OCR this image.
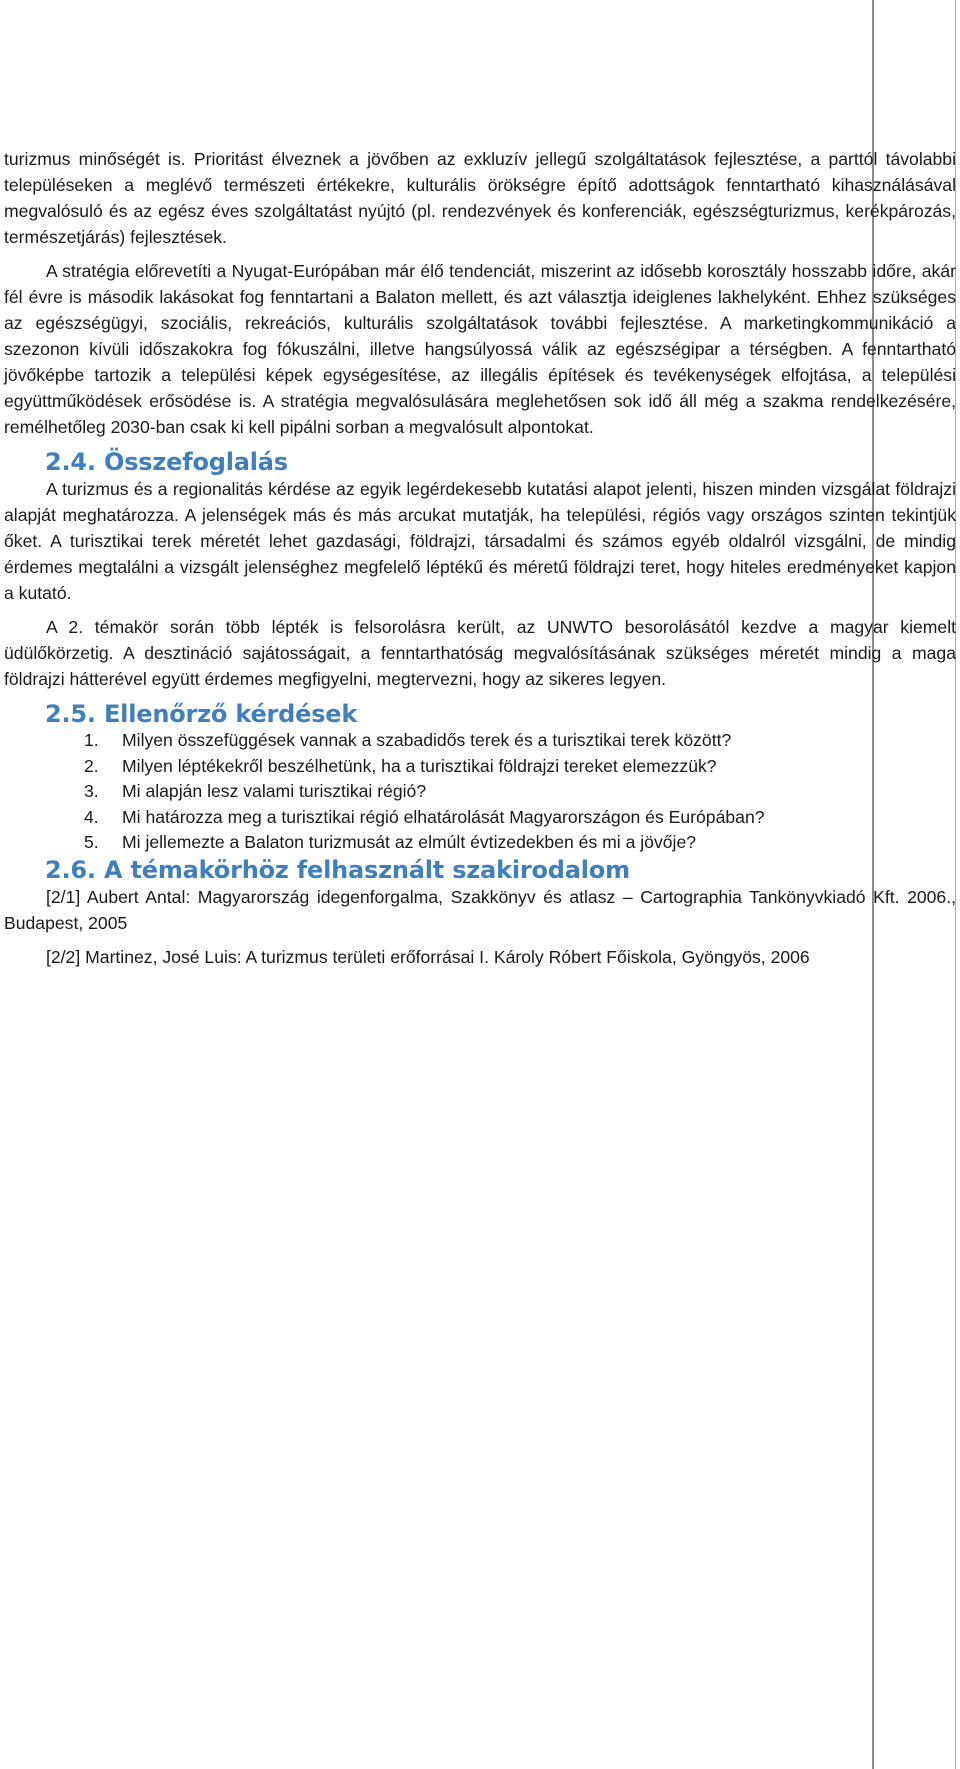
turizmus minőségét is. Prioritást élveznek a jövőben az exkluzív jellegű szolgáltatások fejlesztése, a parttól távolabbi településeken a meglévő természeti értékekre, kulturális örökségre építő adottságok fenntartható kihasználásával megvalósuló és az egész éves szolgáltatást nyújtó (pl. rendezvények és konferenciák, egészségturizmus, kerékpározás, természetjárás) fejlesztések.

A stratégia előrevetíti a Nyugat-Európában már élő tendenciát, miszerint az idősebb korosztály hosszabb időre, akár fél évre is második lakásokat fog fenntartani a Balaton mellett, és azt választja ideiglenes lakhelyként. Ehhez szükséges az egészségügyi, szociális, rekreációs, kulturális szolgáltatások további fejlesztése. A marketingkommunikáció a szezonon kívüli időszakokra fog fókuszálni, illetve hangsúlyossá válik az egészségipar a térségben. A fenntartható jövőképbe tartozik a települési képek egységesítése, az illegális építések és tevékenységek elfojtása, a települési együttműködések erősödése is. A stratégia megvalósulására meglehetősen sok idő áll még a szakma rendelkezésére, remélhetőleg 2030-ban csak ki kell pipálni sorban a megvalósult alpontokat.

2.4. Összefoglalás

A turizmus és a regionalitás kérdése az egyik legérdekesebb kutatási alapot jelenti, hiszen minden vizsgálat földrajzi alapját meghatározza. A jelenségek más és más arcukat mutatják, ha települési, régiós vagy országos szinten tekintjük őket. A turisztikai terek méretét lehet gazdasági, földrajzi, társadalmi és számos egyéb oldalról vizsgálni, de mindig érdemes megtalálni a vizsgált jelenséghez megfelelő léptékű és méretű földrajzi teret, hogy hiteles eredményeket kapjon a kutató.

A 2. témakör során több lépték is felsorolásra került, az UNWTO besorolásától kezdve a magyar kiemelt üdülőkörzetig. A desztináció sajátosságait, a fenntarthatóság megvalósításának szükséges méretét mindig a maga földrajzi hátterével együtt érdemes megfigyelni, megtervezni, hogy az sikeres legyen.

2.5. Ellenőrző kérdések
1. Milyen összefüggések vannak a szabadidős terek és a turisztikai terek között?
2. Milyen léptékekről beszélhetünk, ha a turisztikai földrajzi tereket elemezzük?
3. Mi alapján lesz valami turisztikai régió?
4. Mi határozza meg a turisztikai régió elhatárolását Magyarországon és Európában?
5. Mi jellemezte a Balaton turizmusát az elmúlt évtizedekben és mi a jövője?
2.6. A témakörhöz felhasznált szakirodalom

[2/1] Aubert Antal: Magyarország idegenforgalma, Szakkönyv és atlasz – Cartographia Tankönyvkiadó Kft. 2006., Budapest, 2005

[2/2] Martinez, José Luis: A turizmus területi erőforrásai I. Károly Róbert Főiskola, Gyöngyös, 2006
